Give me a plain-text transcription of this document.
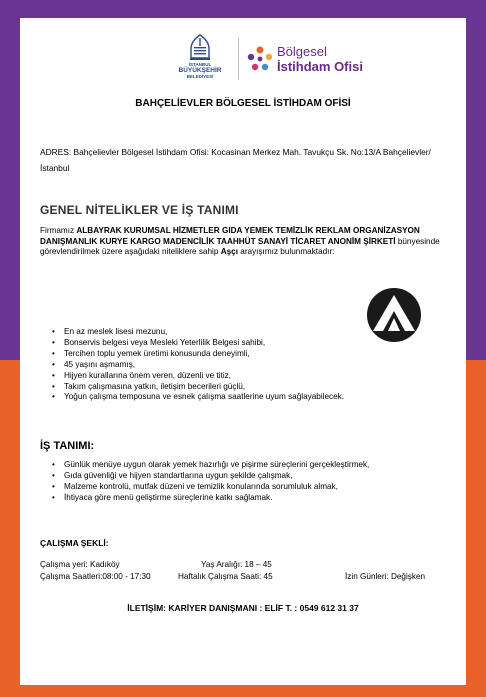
İSTANBUL
BÜYÜKŞEHİR
BELEDİYESİ
Bölgesel
İstihdam Ofisi
BAHÇELİEVLER BÖLGESEL İSTİHDAM OFİSİ
ADRES: Bahçelievler Bölgesel İstihdam Ofisi: Kocasinan Merkez Mah. Tavukçu Sk. No:13/A Bahçelievler/İstanbul
GENEL NİTELİKLER VE İŞ TANIMI
Firmamız ALBAYRAK KURUMSAL HİZMETLER GIDA YEMEK TEMİZLİK REKLAM ORGANİZASYON DANIŞMANLIK KURYE KARGO MADENCİLİK TAAHHÜT SANAYİ TİCARET ANONİM ŞİRKETİ bünyesinde görevlendirilmek üzere aşağıdaki niteliklere sahip Aşçı arayışımız bulunmaktadır:
• En az meslek lisesi mezunu,
• Bonservis belgesi veya Mesleki Yeterlilik Belgesi sahibi,
• Tercihen toplu yemek üretimi konusunda deneyimli,
• 45 yaşını aşmamış,
• Hijyen kurallarına önem veren, düzenli ve titiz,
• Takım çalışmasına yatkın, iletişim becerileri güçlü,
• Yoğun çalışma temposuna ve esnek çalışma saatlerine uyum sağlayabilecek.
İŞ TANIMI:
• Günlük menüye uygun olarak yemek hazırlığı ve pişirme süreçlerini gerçekleştirmek,
• Gıda güvenliği ve hijyen standartlarına uygun şekilde çalışmak,
• Malzeme kontrolü, mutfak düzeni ve temizlik konularında sorumluluk almak,
• İhtiyaca göre menü geliştirme süreçlerine katkı sağlamak.
ÇALIŞMA ŞEKLİ:
Çalışma yeri: Kadıköy	Yaş Aralığı: 18 – 45
Çalışma Saatleri:08:00 - 17:30	Haftalık Çalışma Saati: 45	İzin Günleri: Değişken
İLETİŞİM: KARİYER DANIŞMANI : ELİF T. : 0549 612 31 37
